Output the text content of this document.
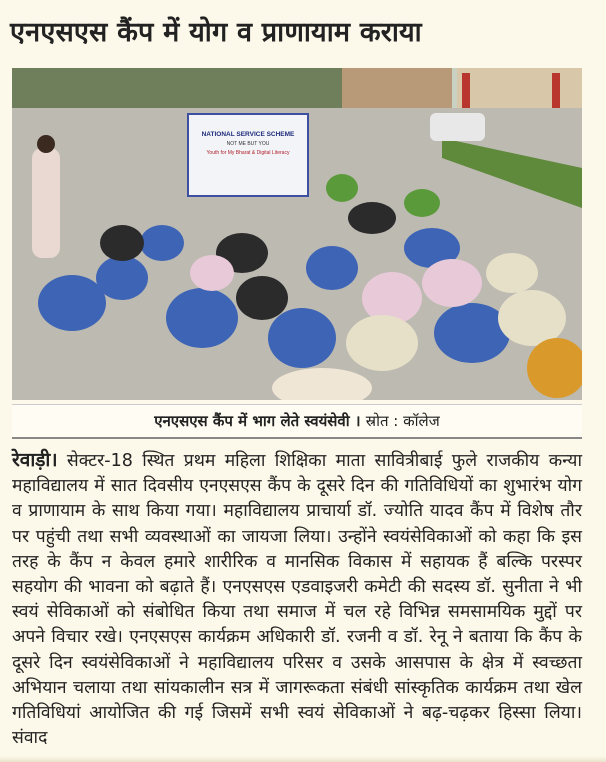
एनएसएस कैंप में योग व प्राणायाम कराया
NATIONAL SERVICE SCHEME
NOT ME BUT YOU
Youth for My Bharat & Digital Literacy
एनएसएस कैंप में भाग लेते स्वयंसेवी । स्रोत : कॉलेज
रेवाड़ी। सेक्टर-18 स्थित प्रथम महिला शिक्षिका माता सावित्रीबाई फुले राजकीय कन्या महाविद्यालय में सात दिवसीय एनएसएस कैंप के दूसरे दिन की गतिविधियों का शुभारंभ योग व प्राणायाम के साथ किया गया। महाविद्यालय प्राचार्या डॉ. ज्योति यादव कैंप में विशेष तौर पर पहुंची तथा सभी व्यवस्थाओं का जायजा लिया। उन्होंने स्वयंसेविकाओं को कहा कि इस तरह के कैंप न केवल हमारे शारीरिक व मानसिक विकास में सहायक हैं बल्कि परस्पर सहयोग की भावना को बढ़ाते हैं। एनएसएस एडवाइजरी कमेटी की सदस्य डॉ. सुनीता ने भी स्वयं सेविकाओं को संबोधित किया तथा समाज में चल रहे विभिन्न समसामयिक मुद्दों पर अपने विचार रखे। एनएसएस कार्यक्रम अधिकारी डॉ. रजनी व डॉ. रेनू ने बताया कि कैंप के दूसरे दिन स्वयंसेविकाओं ने महाविद्यालय परिसर व उसके आसपास के क्षेत्र में स्वच्छता अभियान चलाया तथा सांयकालीन सत्र में जागरूकता संबंधी सांस्कृतिक कार्यक्रम तथा खेल गतिविधियां आयोजित की गई जिसमें सभी स्वयं सेविकाओं ने बढ़-चढ़कर हिस्सा लिया। संवाद
